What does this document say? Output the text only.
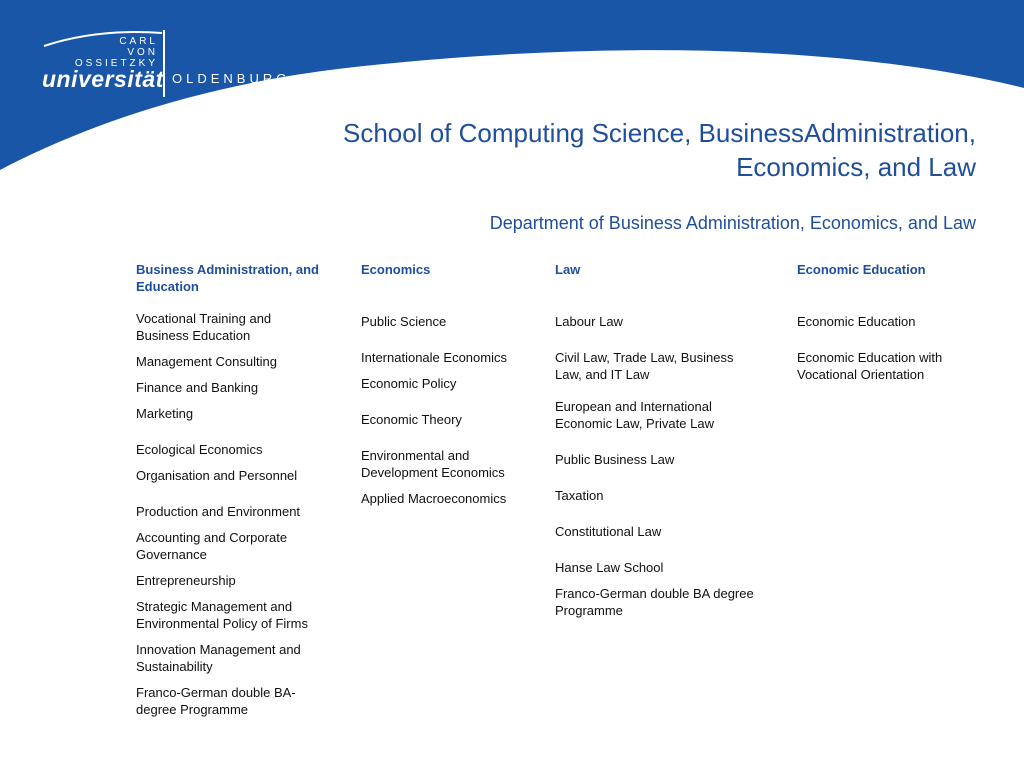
CARL
VON
OSSIETZKY
universität OLDENBURG
School of Computing Science, BusinessAdministration,
Economics, and Law
Department of Business Administration, Economics, and Law
Business Administration, and Education
Vocational Training and Business Education
Management Consulting
Finance and Banking
Marketing
Ecological Economics
Organisation and Personnel
Production and Environment
Accounting and Corporate Governance
Entrepreneurship
Strategic Management and Environmental Policy of Firms
Innovation Management and Sustainability
Franco-German double BA-degree Programme
Economics
Public Science
Internationale Economics
Economic Policy
Economic Theory
Environmental and Development Economics
Applied Macroeconomics
Law
Labour Law
Civil Law, Trade Law, Business Law, and IT Law
European and International Economic Law, Private Law
Public Business Law
Taxation
Constitutional Law
Hanse Law School
Franco-German double BA degree Programme
Economic Education
Economic Education
Economic Education with Vocational Orientation
